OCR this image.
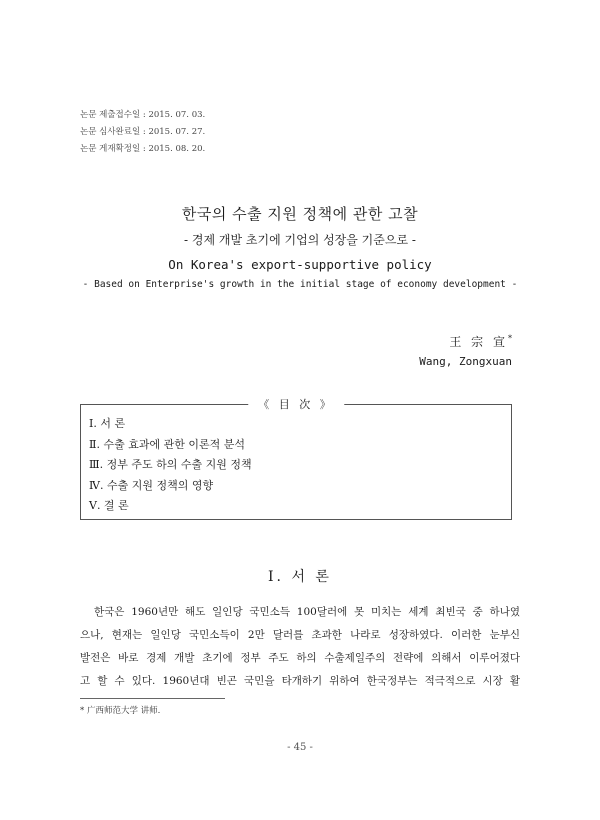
논문 제출접수일 : 2015. 07. 03.
논문 심사완료일 : 2015. 07. 27.
논문 게재확정일 : 2015. 08. 20.
한국의 수출 지원 정책에 관한 고찰
- 경제 개발 초기에 기업의 성장을 기준으로 -
On Korea's export-supportive policy
- Based on Enterprise's growth in the initial stage of economy development -
王 宗 宣*
Wang, Zongxuan
《 目 次 》
Ⅰ. 서 론
Ⅱ. 수출 효과에 관한 이론적 분석
Ⅲ. 정부 주도 하의 수출 지원 정책
Ⅳ. 수출 지원 정책의 영향
Ⅴ. 결 론
Ⅰ. 서 론
한국은 1960년만 해도 일인당 국민소득 100달러에 못 미치는 세계 최빈국 중 하나였
으나, 현재는 일인당 국민소득이 2만 달러를 초과한 나라로 성장하였다. 이러한 눈부신
발전은 바로 경제 개발 초기에 정부 주도 하의 수출제일주의 전략에 의해서 이루어졌다
고 할 수 있다. 1960년대 빈곤 국민을 타개하기 위하여 한국정부는 적극적으로 시장 활
* 广西师范大学 讲师.
- 45 -
